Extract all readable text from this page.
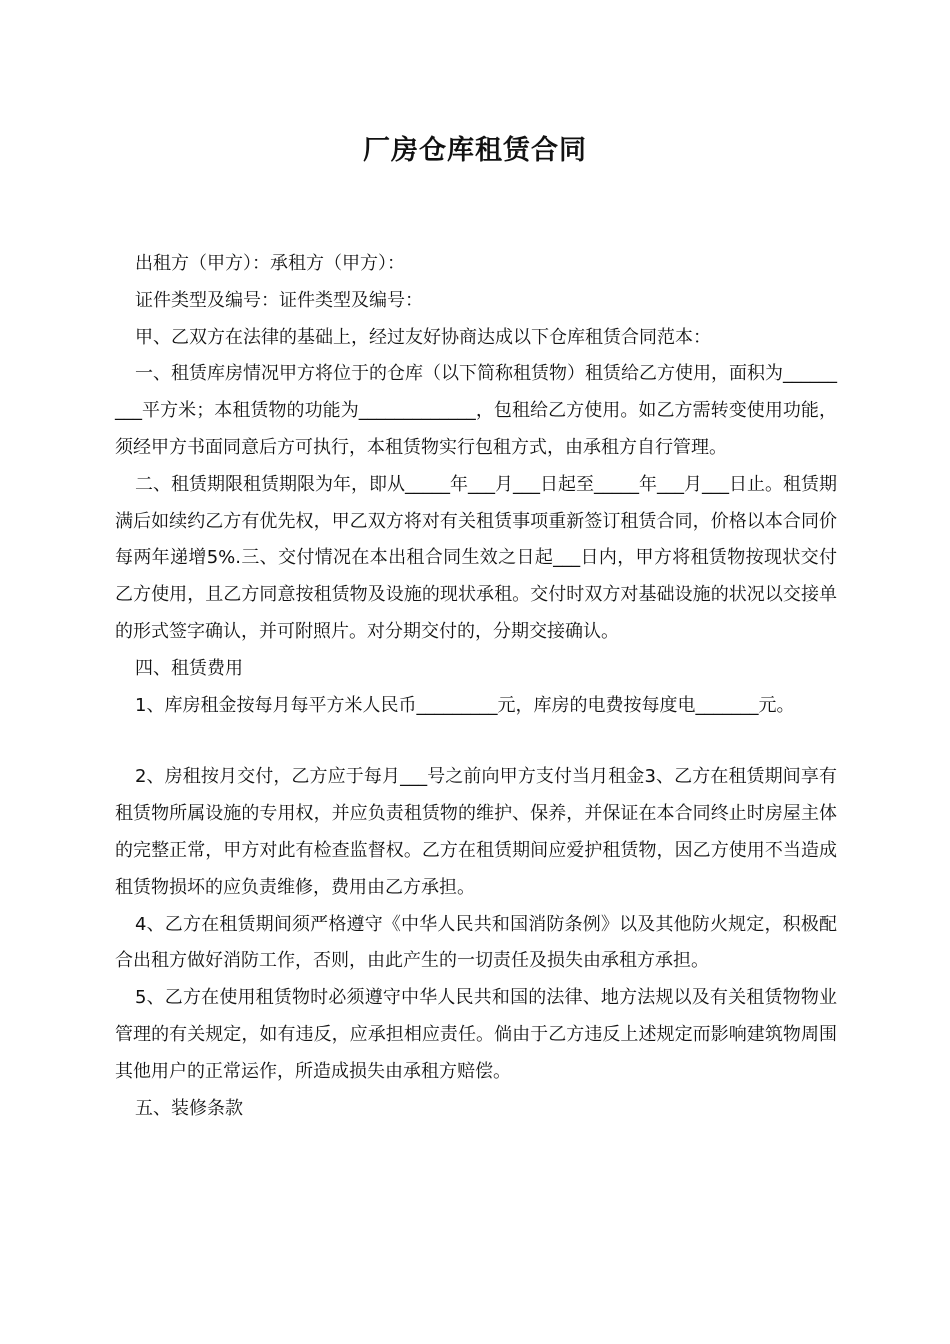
厂房仓库租赁合同

出租方（甲方）：承租方（甲方）：

证件类型及编号：证件类型及编号：

甲、乙双方在法律的基础上，经过友好协商达成以下仓库租赁合同范本：

一、租赁库房情况甲方将位于的仓库（以下简称租赁物）租赁给乙方使用，面积为_________平方米；本租赁物的功能为_____________，包租给乙方使用。如乙方需转变使用功能，须经甲方书面同意后方可执行，本租赁物实行包租方式，由承租方自行管理。

二、租赁期限租赁期限为年，即从_____年___月___日起至_____年___月___日止。租赁期满后如续约乙方有优先权，甲乙双方将对有关租赁事项重新签订租赁合同，价格以本合同价每两年递增5%.三、交付情况在本出租合同生效之日起___日内，甲方将租赁物按现状交付乙方使用，且乙方同意按租赁物及设施的现状承租。交付时双方对基础设施的状况以交接单的形式签字确认，并可附照片。对分期交付的，分期交接确认。

四、租赁费用

1、库房租金按每月每平方米人民币_________元，库房的电费按每度电_______元。

2、房租按月交付，乙方应于每月___号之前向甲方支付当月租金3、乙方在租赁期间享有租赁物所属设施的专用权，并应负责租赁物的维护、保养，并保证在本合同终止时房屋主体的完整正常，甲方对此有检查监督权。乙方在租赁期间应爱护租赁物，因乙方使用不当造成租赁物损坏的应负责维修，费用由乙方承担。

4、乙方在租赁期间须严格遵守《中华人民共和国消防条例》以及其他防火规定，积极配合出租方做好消防工作，否则，由此产生的一切责任及损失由承租方承担。

5、乙方在使用租赁物时必须遵守中华人民共和国的法律、地方法规以及有关租赁物物业管理的有关规定，如有违反，应承担相应责任。倘由于乙方违反上述规定而影响建筑物周围其他用户的正常运作，所造成损失由承租方赔偿。

五、装修条款
